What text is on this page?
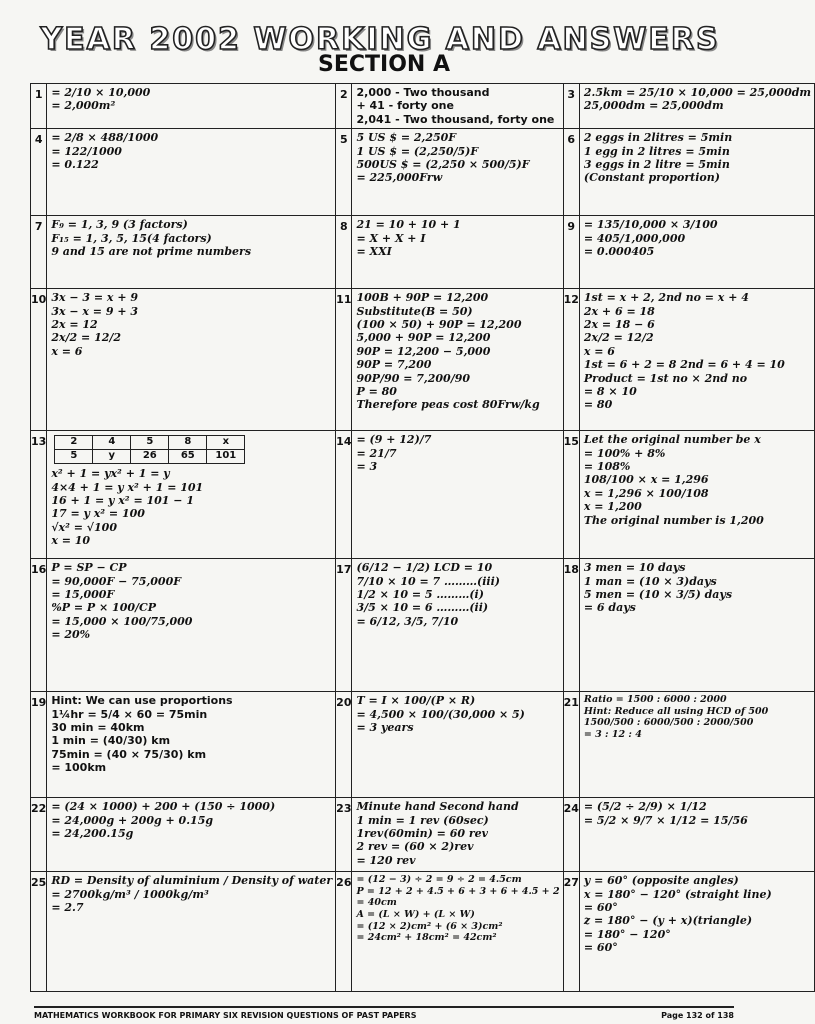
YEAR 2002 WORKING AND ANSWERS
SECTION A
1	= 2/10 × 10,000
= 2,000m²
	2	2,000 - Two thousand
+ 41 - forty one
2,041 - Two thousand, forty one
	3	2.5km = 25/10 × 10,000 = 25,000dm
25,000dm = 25,000dm

4	= 2/8 × 488/1000
= 122/1000
= 0.122
	5	5 US $ = 2,250F
1 US $ = (2,250/5)F
500US $ = (2,250 × 500/5)F
= 225,000Frw
	6	2 eggs in 2litres = 5min
1 egg in 2 litres = 5min
3 eggs in 2 litre = 5min
(Constant proportion)

7	F₉ = 1, 3, 9 (3 factors)
F₁₅ = 1, 3, 5, 15(4 factors)
9 and 15 are not prime numbers
	8	21 = 10 + 10 + 1
= X + X + I
= XXI
	9	= 135/10,000 × 3/100
= 405/1,000,000
= 0.000405

10	3x − 3 = x + 9
3x − x = 9 + 3
2x = 12
2x/2 = 12/2
x = 6
	11	100B + 90P = 12,200
Substitute(B = 50)
(100 × 50) + 90P = 12,200
5,000 + 90P = 12,200
90P = 12,200 − 5,000
90P = 7,200
90P/90 = 7,200/90
P = 80
Therefore peas cost 80Frw/kg
	12	1st = x + 2, 2nd no = x + 4
2x + 6 = 18
2x = 18 − 6
2x/2 = 12/2
x = 6
1st = 6 + 2 = 8 2nd = 6 + 4 = 10
Product = 1st no × 2nd no
= 8 × 10
= 80

13	2	4	5	8	x
5	y	26	65	101
x² + 1 = yx² + 1 = y
4×4 + 1 = y x² + 1 = 101
16 + 1 = y x² = 101 − 1
17 = y x² = 100
√x² = √100
x = 10
	14	= (9 + 12)/7
= 21/7
= 3
	15	Let the original number be x
= 100% + 8%
= 108%
108/100 × x = 1,296
x = 1,296 × 100/108
x = 1,200
The original number is 1,200

16	P = SP − CP
= 90,000F − 75,000F
= 15,000F
%P = P × 100/CP
= 15,000 × 100/75,000
= 20%
	17	(6/12 − 1/2) LCD = 10
7/10 × 10 = 7 ………(iii)
1/2 × 10 = 5 ………(i)
3/5 × 10 = 6 ………(ii)
= 6/12, 3/5, 7/10
	18	3 men = 10 days
1 man = (10 × 3)days
5 men = (10 × 3/5) days
= 6 days

19	Hint: We can use proportions
1¼hr = 5/4 × 60 = 75min
30 min = 40km
1 min = (40/30) km
75min = (40 × 75/30) km
= 100km
	20	T = I × 100/(P × R)
= 4,500 × 100/(30,000 × 5)
= 3 years
	21	Ratio = 1500 : 6000 : 2000
Hint: Reduce all using HCD of 500
1500/500 : 6000/500 : 2000/500
= 3 : 12 : 4

22	= (24 × 1000) + 200 + (150 ÷ 1000)
= 24,000g + 200g + 0.15g
= 24,200.15g
	23	Minute hand Second hand
1 min = 1 rev (60sec)
1rev(60min) = 60 rev
2 rev = (60 × 2)rev
= 120 rev
	24	= (5/2 ÷ 2/9) × 1/12
= 5/2 × 9/7 × 1/12 = 15/56

25	RD = Density of aluminium / Density of water
= 2700kg/m³ / 1000kg/m³
= 2.7
	26	= (12 − 3) ÷ 2 = 9 ÷ 2 = 4.5cm
P = 12 + 2 + 4.5 + 6 + 3 + 6 + 4.5 + 2
= 40cm
A = (L × W) + (L × W)
= (12 × 2)cm² + (6 × 3)cm²
= 24cm² + 18cm² = 42cm²
	27	y = 60° (opposite angles)
x = 180° − 120° (straight line)
= 60°
z = 180° − (y + x)(triangle)
= 180° − 120°
= 60°
MATHEMATICS WORKBOOK FOR PRIMARY SIX REVISION QUESTIONS OF PAST PAPERS	Page 132 of 138
